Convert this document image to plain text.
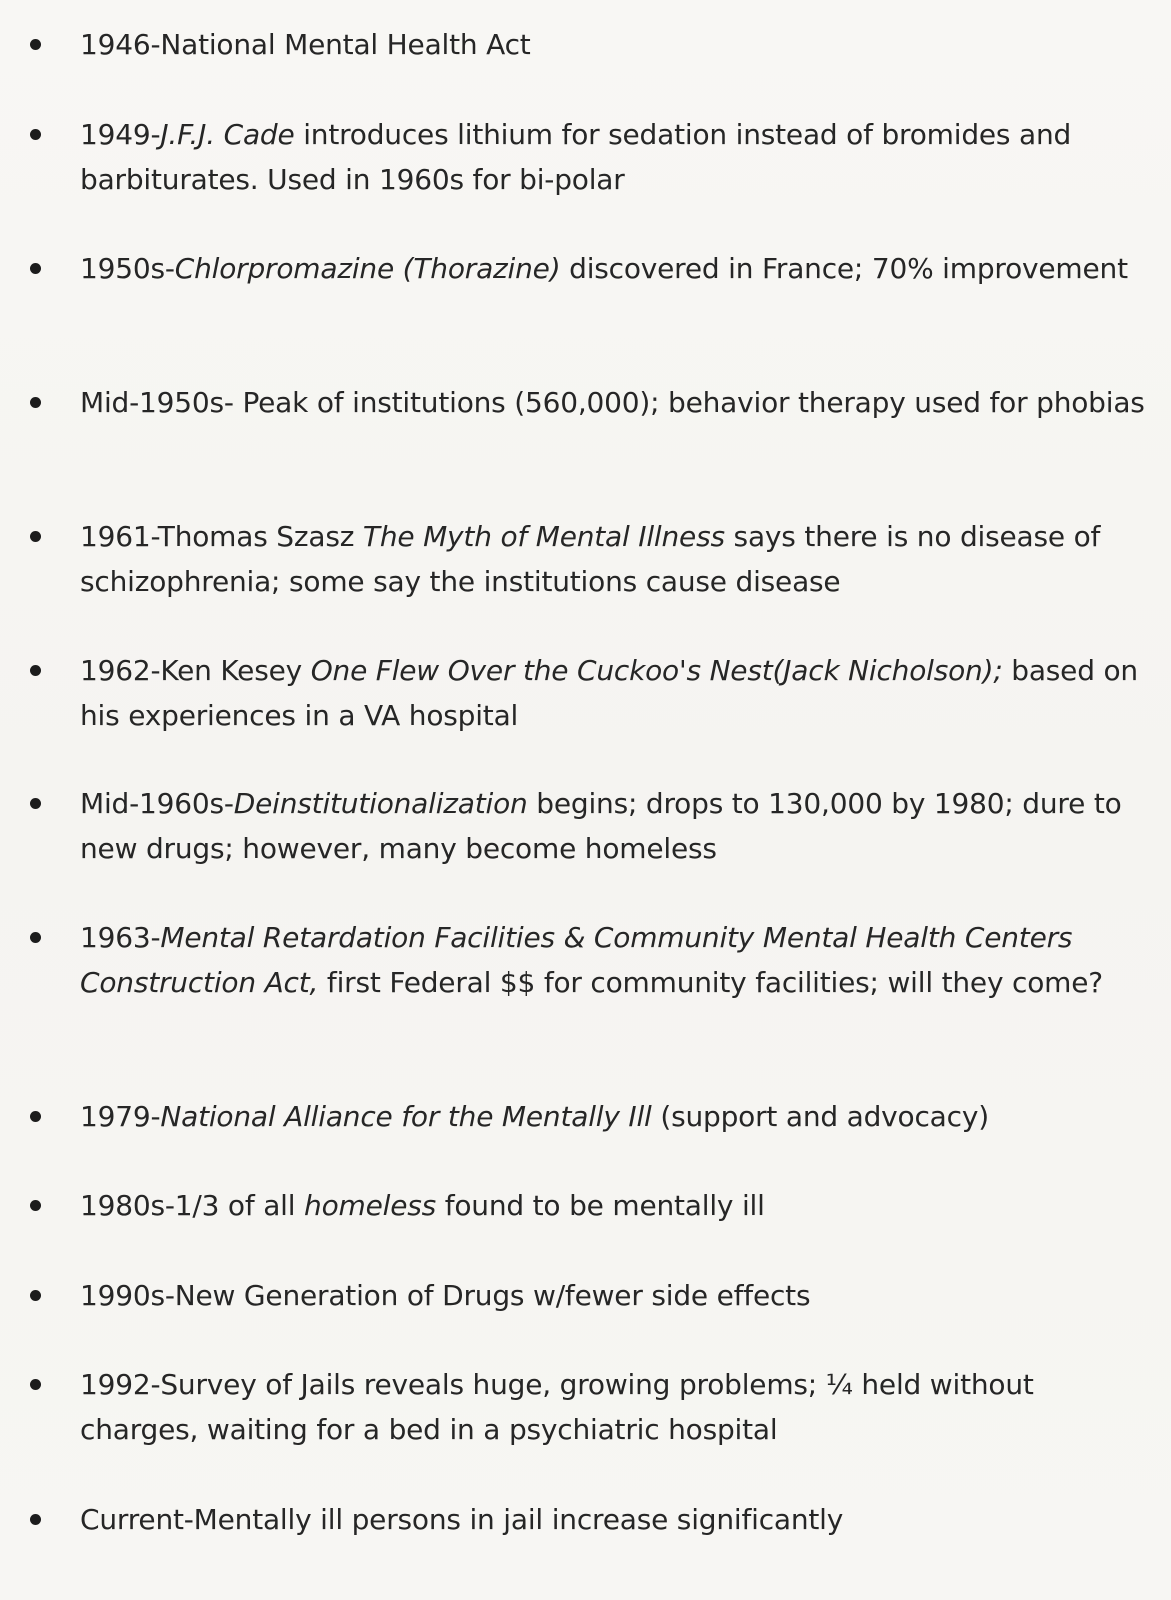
1946-National Mental Health Act
1949-J.F.J. Cade introduces lithium for sedation instead of bromides and barbiturates. Used in 1960s for bi-polar
1950s-Chlorpromazine (Thorazine) discovered in France; 70% improvement
Mid-1950s- Peak of institutions (560,000); behavior therapy used for phobias
1961-Thomas Szasz The Myth of Mental Illness says there is no disease of schizophrenia; some say the institutions cause disease
1962-Ken Kesey One Flew Over the Cuckoo's Nest(Jack Nicholson); based on his experiences in a VA hospital
Mid-1960s-Deinstitutionalization begins; drops to 130,000 by 1980; dure to new drugs; however, many become homeless
1963-Mental Retardation Facilities & Community Mental Health Centers Construction Act, first Federal $$ for community facilities; will they come?
1979-National Alliance for the Mentally Ill (support and advocacy)
1980s-1/3 of all homeless found to be mentally ill
1990s-New Generation of Drugs w/fewer side effects
1992-Survey of Jails reveals huge, growing problems; ¼ held without charges, waiting for a bed in a psychiatric hospital
Current-Mentally ill persons in jail increase significantly
